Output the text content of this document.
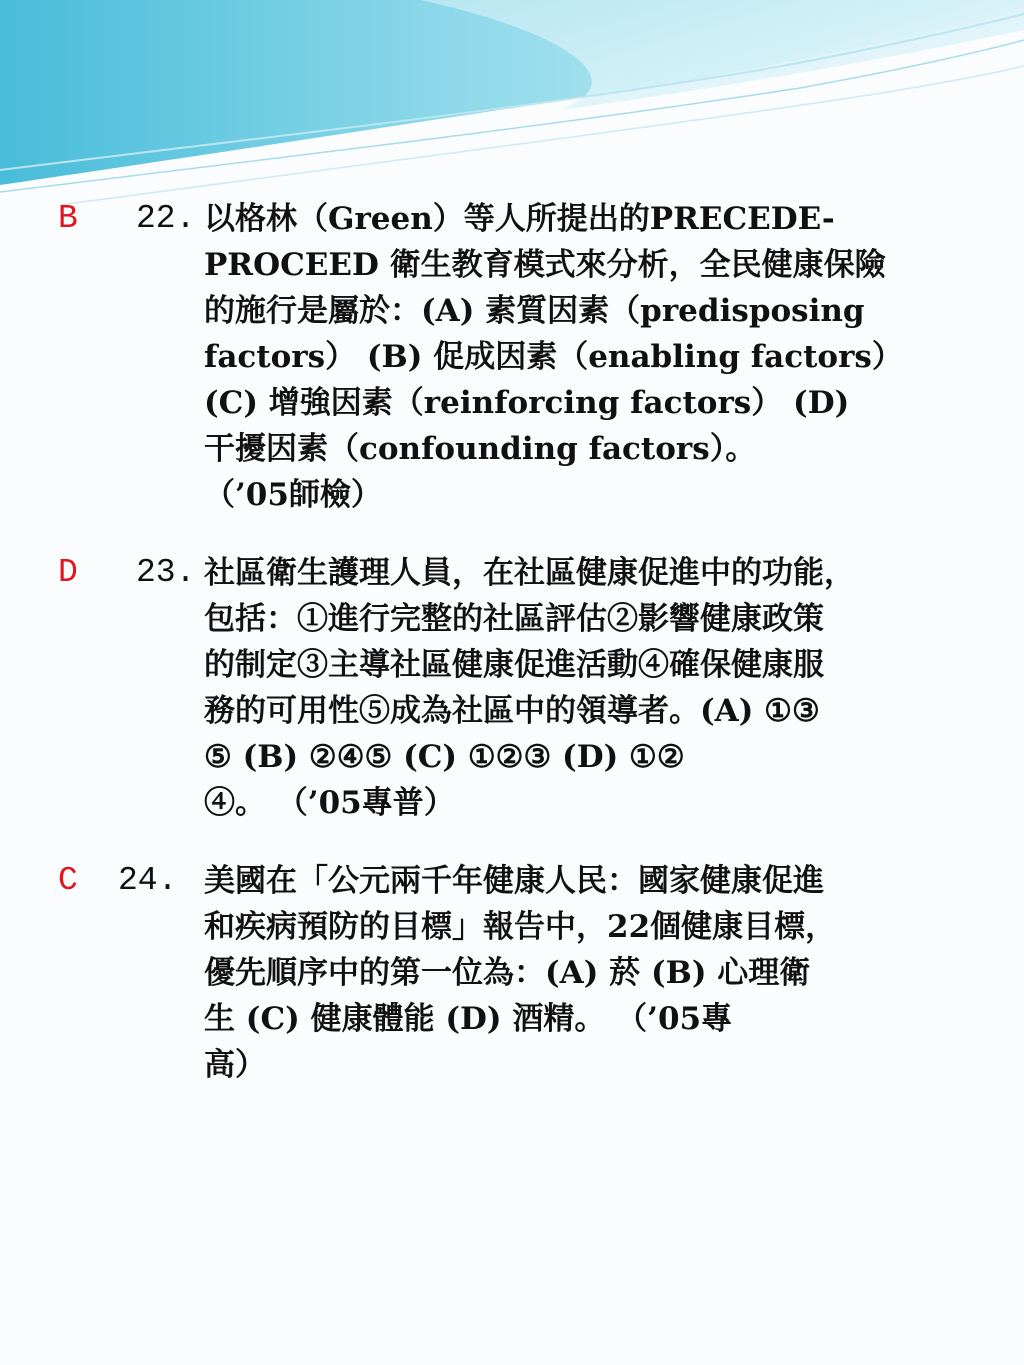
B 22. 以格林（Green）等人所提出的PRECEDE-
PROCEED 衛生教育模式來分析，全民健康保險
的施行是屬於：(A) 素質因素（predisposing
factors） (B) 促成因素（enabling factors）
(C) 增強因素（reinforcing factors） (D)
干擾因素（confounding factors）。
（’05師檢）
D 23. 社區衛生護理人員，在社區健康促進中的功能，
包括：①進行完整的社區評估②影響健康政策
的制定③主導社區健康促進活動④確保健康服
務的可用性⑤成為社區中的領導者。(A) ①③
⑤ (B) ②④⑤ (C) ①②③ (D) ①②
④。 （’05專普）
C 24. 美國在「公元兩千年健康人民：國家健康促進
和疾病預防的目標」報告中，22個健康目標，
優先順序中的第一位為：(A) 菸 (B) 心理衛
生 (C) 健康體能 (D) 酒精。 （’05專
高）
